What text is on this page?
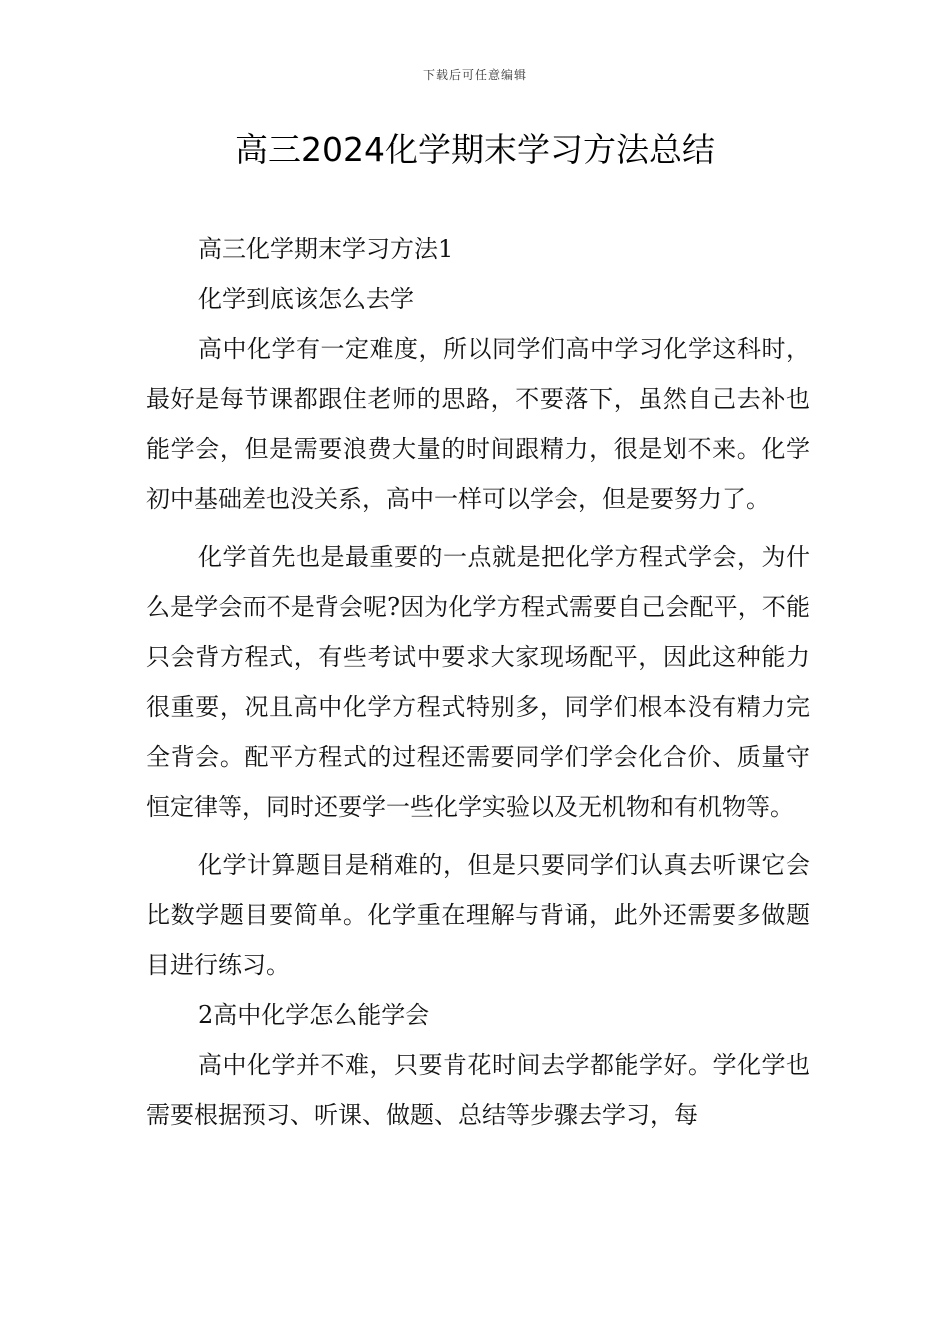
下载后可任意编辑
高三2024化学期末学习方法总结

高三化学期末学习方法1

化学到底该怎么去学

高中化学有一定难度，所以同学们高中学习化学这科时，最好是每节课都跟住老师的思路，不要落下，虽然自己去补也能学会，但是需要浪费大量的时间跟精力，很是划不来。化学初中基础差也没关系，高中一样可以学会，但是要努力了。

化学首先也是最重要的一点就是把化学方程式学会，为什么是学会而不是背会呢?因为化学方程式需要自己会配平，不能只会背方程式，有些考试中要求大家现场配平，因此这种能力很重要，况且高中化学方程式特别多，同学们根本没有精力完全背会。配平方程式的过程还需要同学们学会化合价、质量守恒定律等，同时还要学一些化学实验以及无机物和有机物等。

化学计算题目是稍难的，但是只要同学们认真去听课它会比数学题目要简单。化学重在理解与背诵，此外还需要多做题目进行练习。

2高中化学怎么能学会

高中化学并不难，只要肯花时间去学都能学好。学化学也需要根据预习、听课、做题、总结等步骤去学习，每
